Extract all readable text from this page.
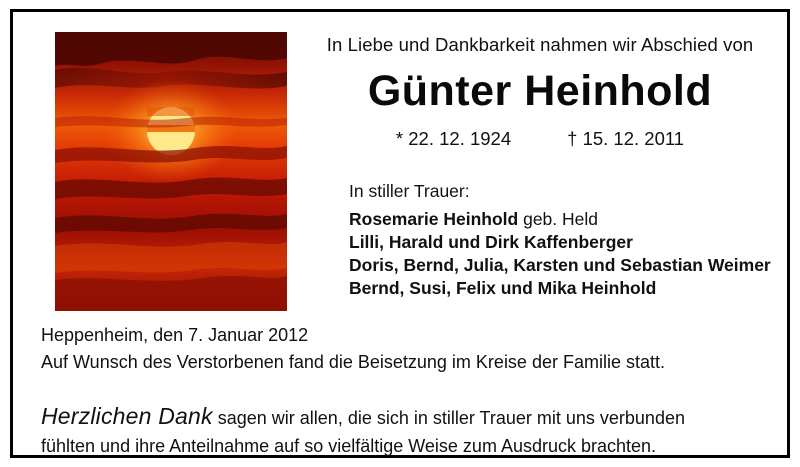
In Liebe und Dankbarkeit nahmen wir Abschied von
Günter Heinhold
* 22. 12. 1924	† 15. 12. 2011
In stiller Trauer:
Rosemarie Heinhold geb. Held
Lilli, Harald und Dirk Kaffenberger
Doris, Bernd, Julia, Karsten und Sebastian Weimer
Bernd, Susi, Felix und Mika Heinhold
Heppenheim, den 7. Januar 2012
Auf Wunsch des Verstorbenen fand die Beisetzung im Kreise der Familie statt.
Herzlichen Dank sagen wir allen, die sich in stiller Trauer mit uns verbunden
fühlten und ihre Anteilnahme auf so vielfältige Weise zum Ausdruck brachten.
